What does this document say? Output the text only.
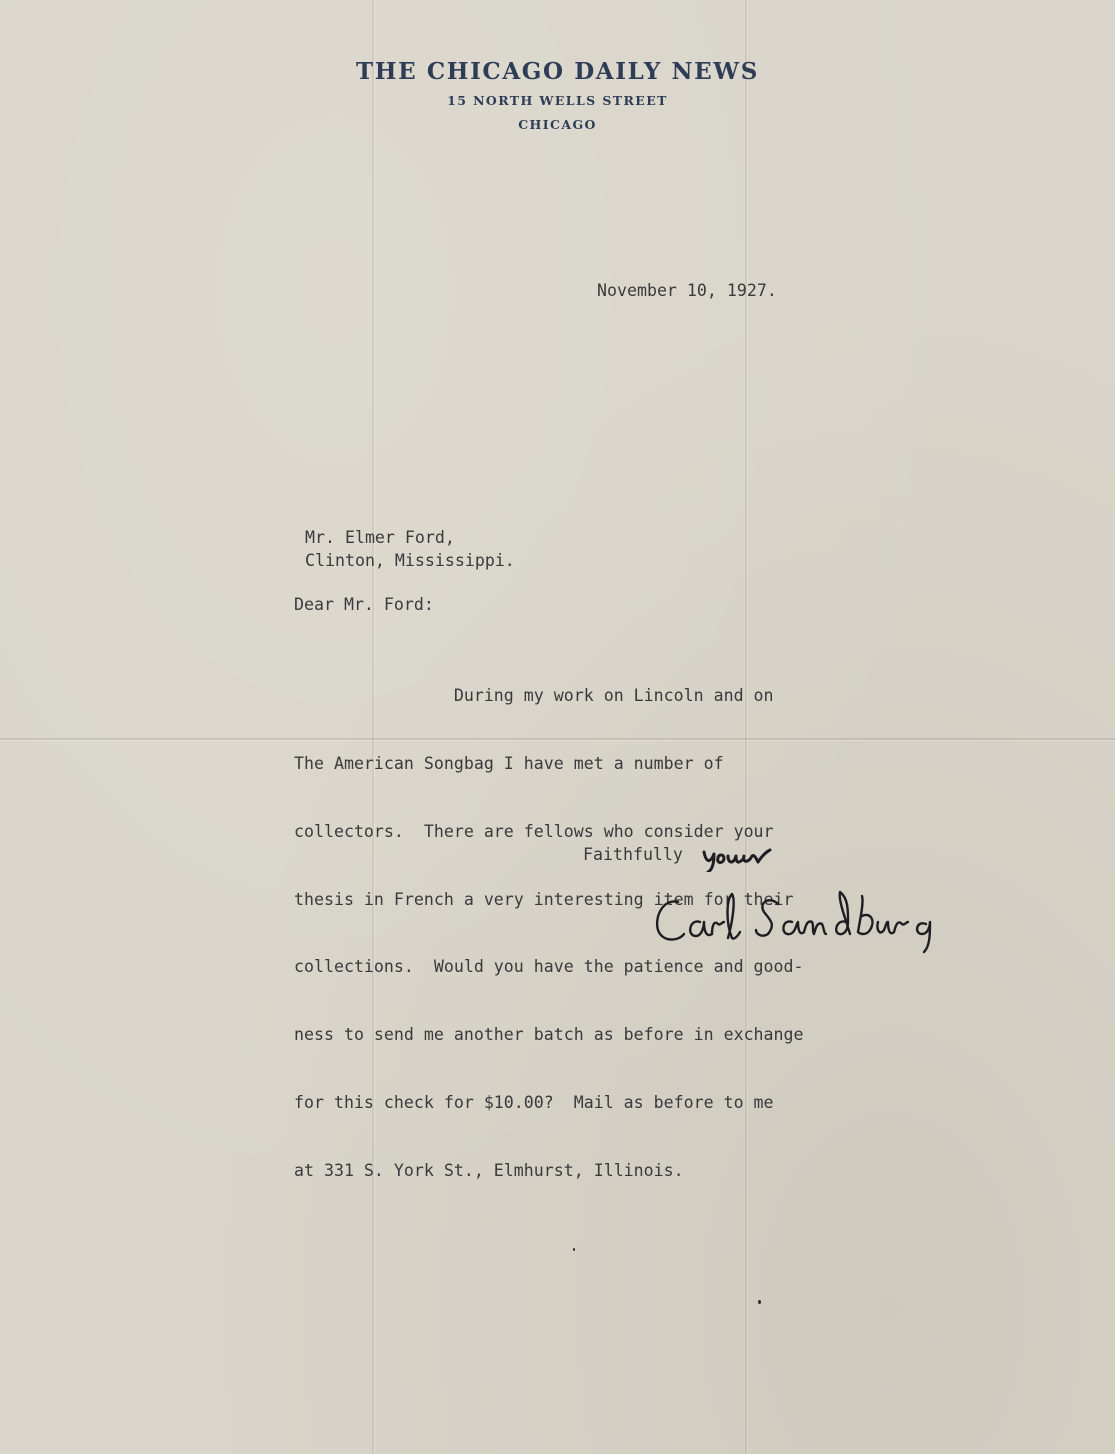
THE CHICAGO DAILY NEWS
15 NORTH WELLS STREET
CHICAGO
November 10, 1927.
Mr. Elmer Ford,
Clinton, Mississippi.
Dear Mr. Ford:

During my work on Lincoln and on

The American Songbag I have met a number of

collectors.  There are fellows who consider your

thesis in French a very interesting item for their

collections.  Would you have the patience and good-

ness to send me another batch as before in exchange

for this check for $10.00?  Mail as before to me

at 331 S. York St., Elmhurst, Illinois.

Faithfully
